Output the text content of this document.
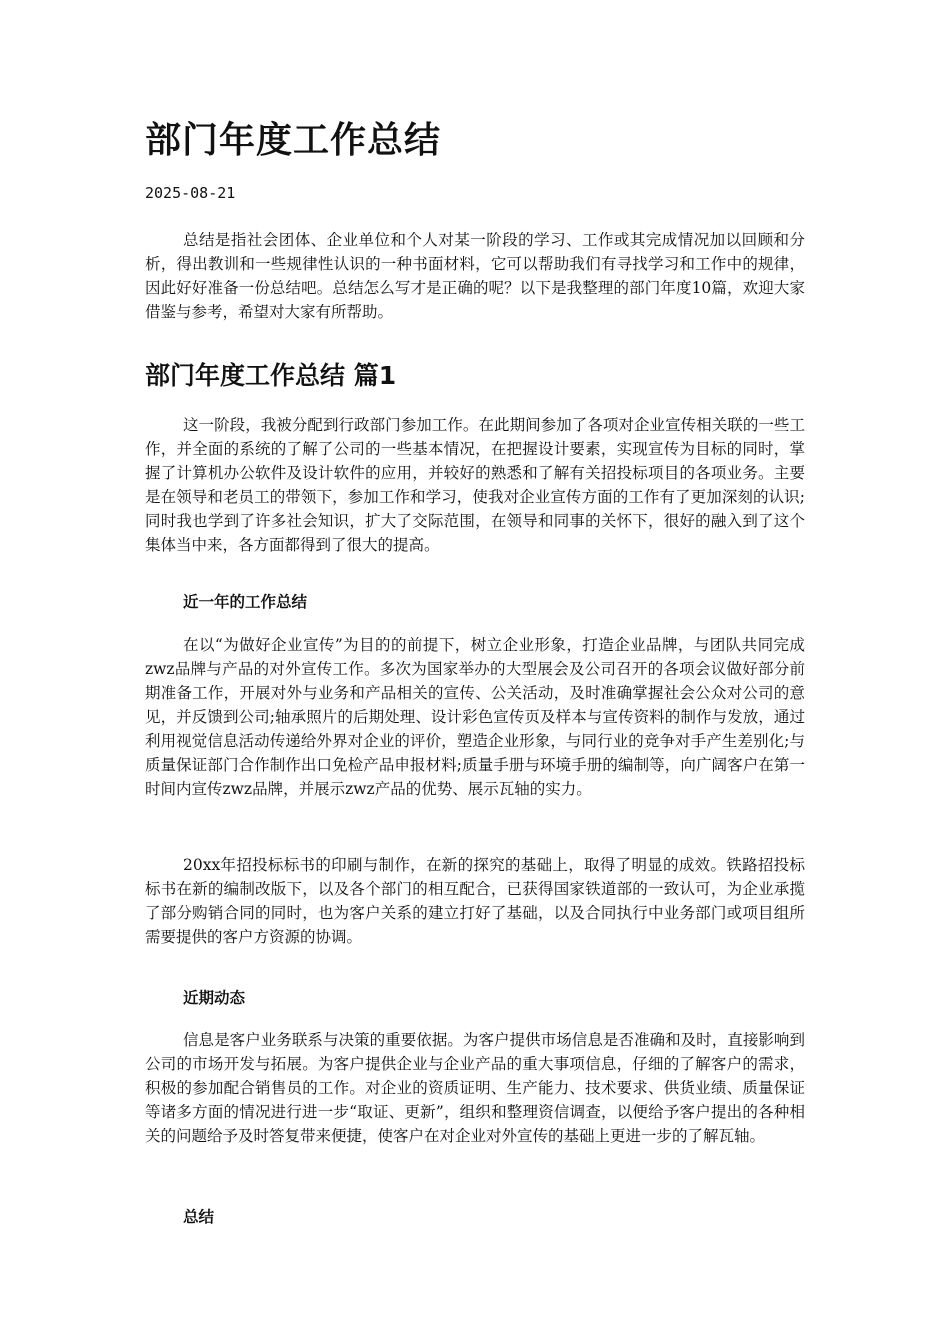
部门年度工作总结
2025-08-21

总结是指社会团体、企业单位和个人对某一阶段的学习、工作或其完成情况加以回顾和分析，得出教训和一些规律性认识的一种书面材料，它可以帮助我们有寻找学习和工作中的规律，因此好好准备一份总结吧。总结怎么写才是正确的呢？以下是我整理的部门年度10篇，欢迎大家借鉴与参考，希望对大家有所帮助。

部门年度工作总结 篇1

这一阶段，我被分配到行政部门参加工作。在此期间参加了各项对企业宣传相关联的一些工作，并全面的系统的了解了公司的一些基本情况，在把握设计要素，实现宣传为目标的同时，掌握了计算机办公软件及设计软件的应用，并较好的熟悉和了解有关招投标项目的各项业务。主要是在领导和老员工的带领下，参加工作和学习，使我对企业宣传方面的工作有了更加深刻的认识;同时我也学到了许多社会知识，扩大了交际范围，在领导和同事的关怀下，很好的融入到了这个集体当中来，各方面都得到了很大的提高。

近一年的工作总结

在以“为做好企业宣传”为目的的前提下，树立企业形象，打造企业品牌，与团队共同完成zwz品牌与产品的对外宣传工作。多次为国家举办的大型展会及公司召开的各项会议做好部分前期准备工作，开展对外与业务和产品相关的宣传、公关活动，及时准确掌握社会公众对公司的意见，并反馈到公司;轴承照片的后期处理、设计彩色宣传页及样本与宣传资料的制作与发放，通过利用视觉信息活动传递给外界对企业的评价，塑造企业形象，与同行业的竞争对手产生差别化;与质量保证部门合作制作出口免检产品申报材料;质量手册与环境手册的编制等，向广阔客户在第一时间内宣传zwz品牌，并展示zwz产品的优势、展示瓦轴的实力。

20xx年招投标标书的印刷与制作，在新的探究的基础上，取得了明显的成效。铁路招投标标书在新的编制改版下，以及各个部门的相互配合，已获得国家铁道部的一致认可，为企业承揽了部分购销合同的同时，也为客户关系的建立打好了基础，以及合同执行中业务部门或项目组所需要提供的客户方资源的协调。

近期动态

信息是客户业务联系与决策的重要依据。为客户提供市场信息是否准确和及时，直接影响到公司的市场开发与拓展。为客户提供企业与企业产品的重大事项信息，仔细的了解客户的需求，积极的参加配合销售员的工作。对企业的资质证明、生产能力、技术要求、供货业绩、质量保证等诸多方面的情况进行进一步“取证、更新”，组织和整理资信调查，以便给予客户提出的各种相关的问题给予及时答复带来便捷，使客户在对企业对外宣传的基础上更进一步的了解瓦轴。

总结
